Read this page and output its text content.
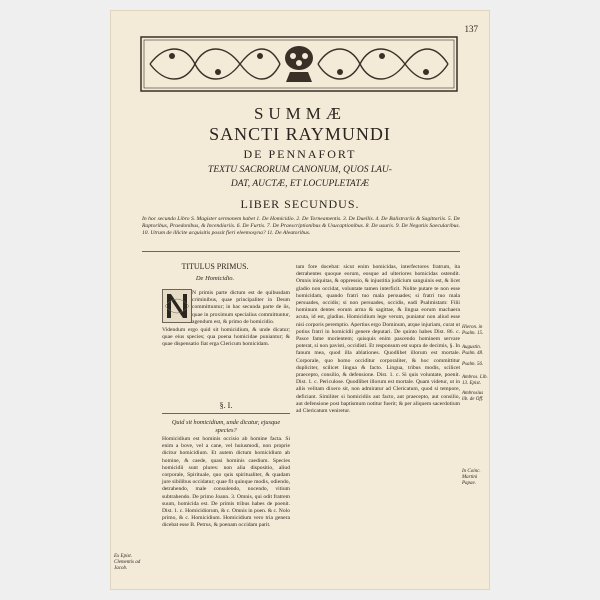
137
SUMMÆ
SANCTI RAYMUNDI
DE PENNAFORT
TEXTU SACRORUM CANONUM, QUOS LAU-
DAT, AUCTÆ, ET LOCUPLETATÆ
LIBER SECUNDUS.
In hoc secundo Libro S. Magister sermonem habet 1. De Homicidio. 2. De Torneamentis. 3. De Duellis. 4. De Balistrariis & Sagittariis. 5. De Raptoribus, Praedonibus, & Incendiariis. 6. De Furtis. 7. De Praescriptionibus & Usucaptionibus. 8. De usuris. 9. De Negotiis Saecularibus. 10. Utrum de illicite acquisitis possit fieri eleemosyna? 11. De Aleatoribus.
TITULUS PRIMUS.
De Homicidio.
N primis parte dictum est de quibusdam criminibus, quae principaliter in Deum committuntur; in hac secunda parte de iis, quae in proximum specialius committuntur, agendum est, & primo de homicidio.
Videndum ergo quid sit homicidium, & unde dicatur; quae eius species; qua poena homicidae puniantur; & quae dispensatio fiat erga Clericum homicidam.
§. I.
Quid sit homicidium, unde dicatur, ejusque species?
Homicidium est hominis occisio ab homine facta. Si enim a bove, vel a cane, vel huiusmodi, non proprie dicitur homicidium. Et autem dictum homicidium ab homine, & caede, quasi hominis caedium. Species homicidii sunt plures: non alia dispositio, aliud corporale, Spirituale, quo quis spiritualiter, & quadam jure sibilibus occidatur; quae fit quinque modis, odiendo, detrahendo, male consulendo, nocendo, vitium subtrahendo. De primo Joann. 3. Omnis, qui odit fratrem suum, homicida est. De primis tribus habes de poenit. Dist. 1. c. Homicidiorum, & c. Omnis in poen. & c. Nolo primo, & c. Homicidium. Homicidium vero tria genera dicebat esse B. Petrus, & poenam occidam parit.
tam fore docebat: sicut enim homicidas, interfectores fratrum, ita detrahentes quoque eorum, eosque ad ulteriores homicidas ostendit. Omnis iniquitas, & oppressio, & injustitia judicium sanguinis est, & licet gladio non occidat, voluntate tamen interficit. Nolite putare te non esse homicidam, quando fratri tuo mala persuades; si fratri tuo mala persuades, occidis; si non persuades, occidis, eadi Psalmistam: Filii hominum dentes eorum arma & sagittae, & lingua eorum machaera acuta, id est, gladius. Homicidium lege verum, puniatur non aliud esse nisi corporis peremptio. Apertius ergo Dominum, atque injuriam, curat ut potius fratri in homicidii genere deputari. De quinto habes Dist. 86. c. Pasce fame morientem; quisquis enim pascendo hominem servare poterat, si non pavisti, occidisti. Et responsum est supra de decimis, §. In fanum mea, quod illa ablationes. Quodlibet illorum est mortale. Corporale, quo homo occiditur corporaliter, & hoc committitur dupliciter, scilicet lingua & facto. Lingua, tribus modis, scilicet praecepto, consilio, & defensione. Dist. 1. c. Si quis voluntate, poenit. Dist. 1. c. Periculose. Quodlibet illorum est mortale. Quam videtur, ut in aliis velitam dixero sit, non admiratur ad Clericatum, quod si tempore, deficiant. Similiter si homicidiis aut facto, aut praecepto, aut consilio, aut defensione post baptismum notitur fuerit; & per aliquem sacerdotium ad Clericatum veniretur.
Hieron. in Psalm. 15.
Augustin. Psalm. 48.
Psalm. 56.
Ambros. Lib. 13. Epist.
Ambrosius lib. de Off.
In Coinc. Martini Papae.
Ex Epist. Clementis ad Jacob.
